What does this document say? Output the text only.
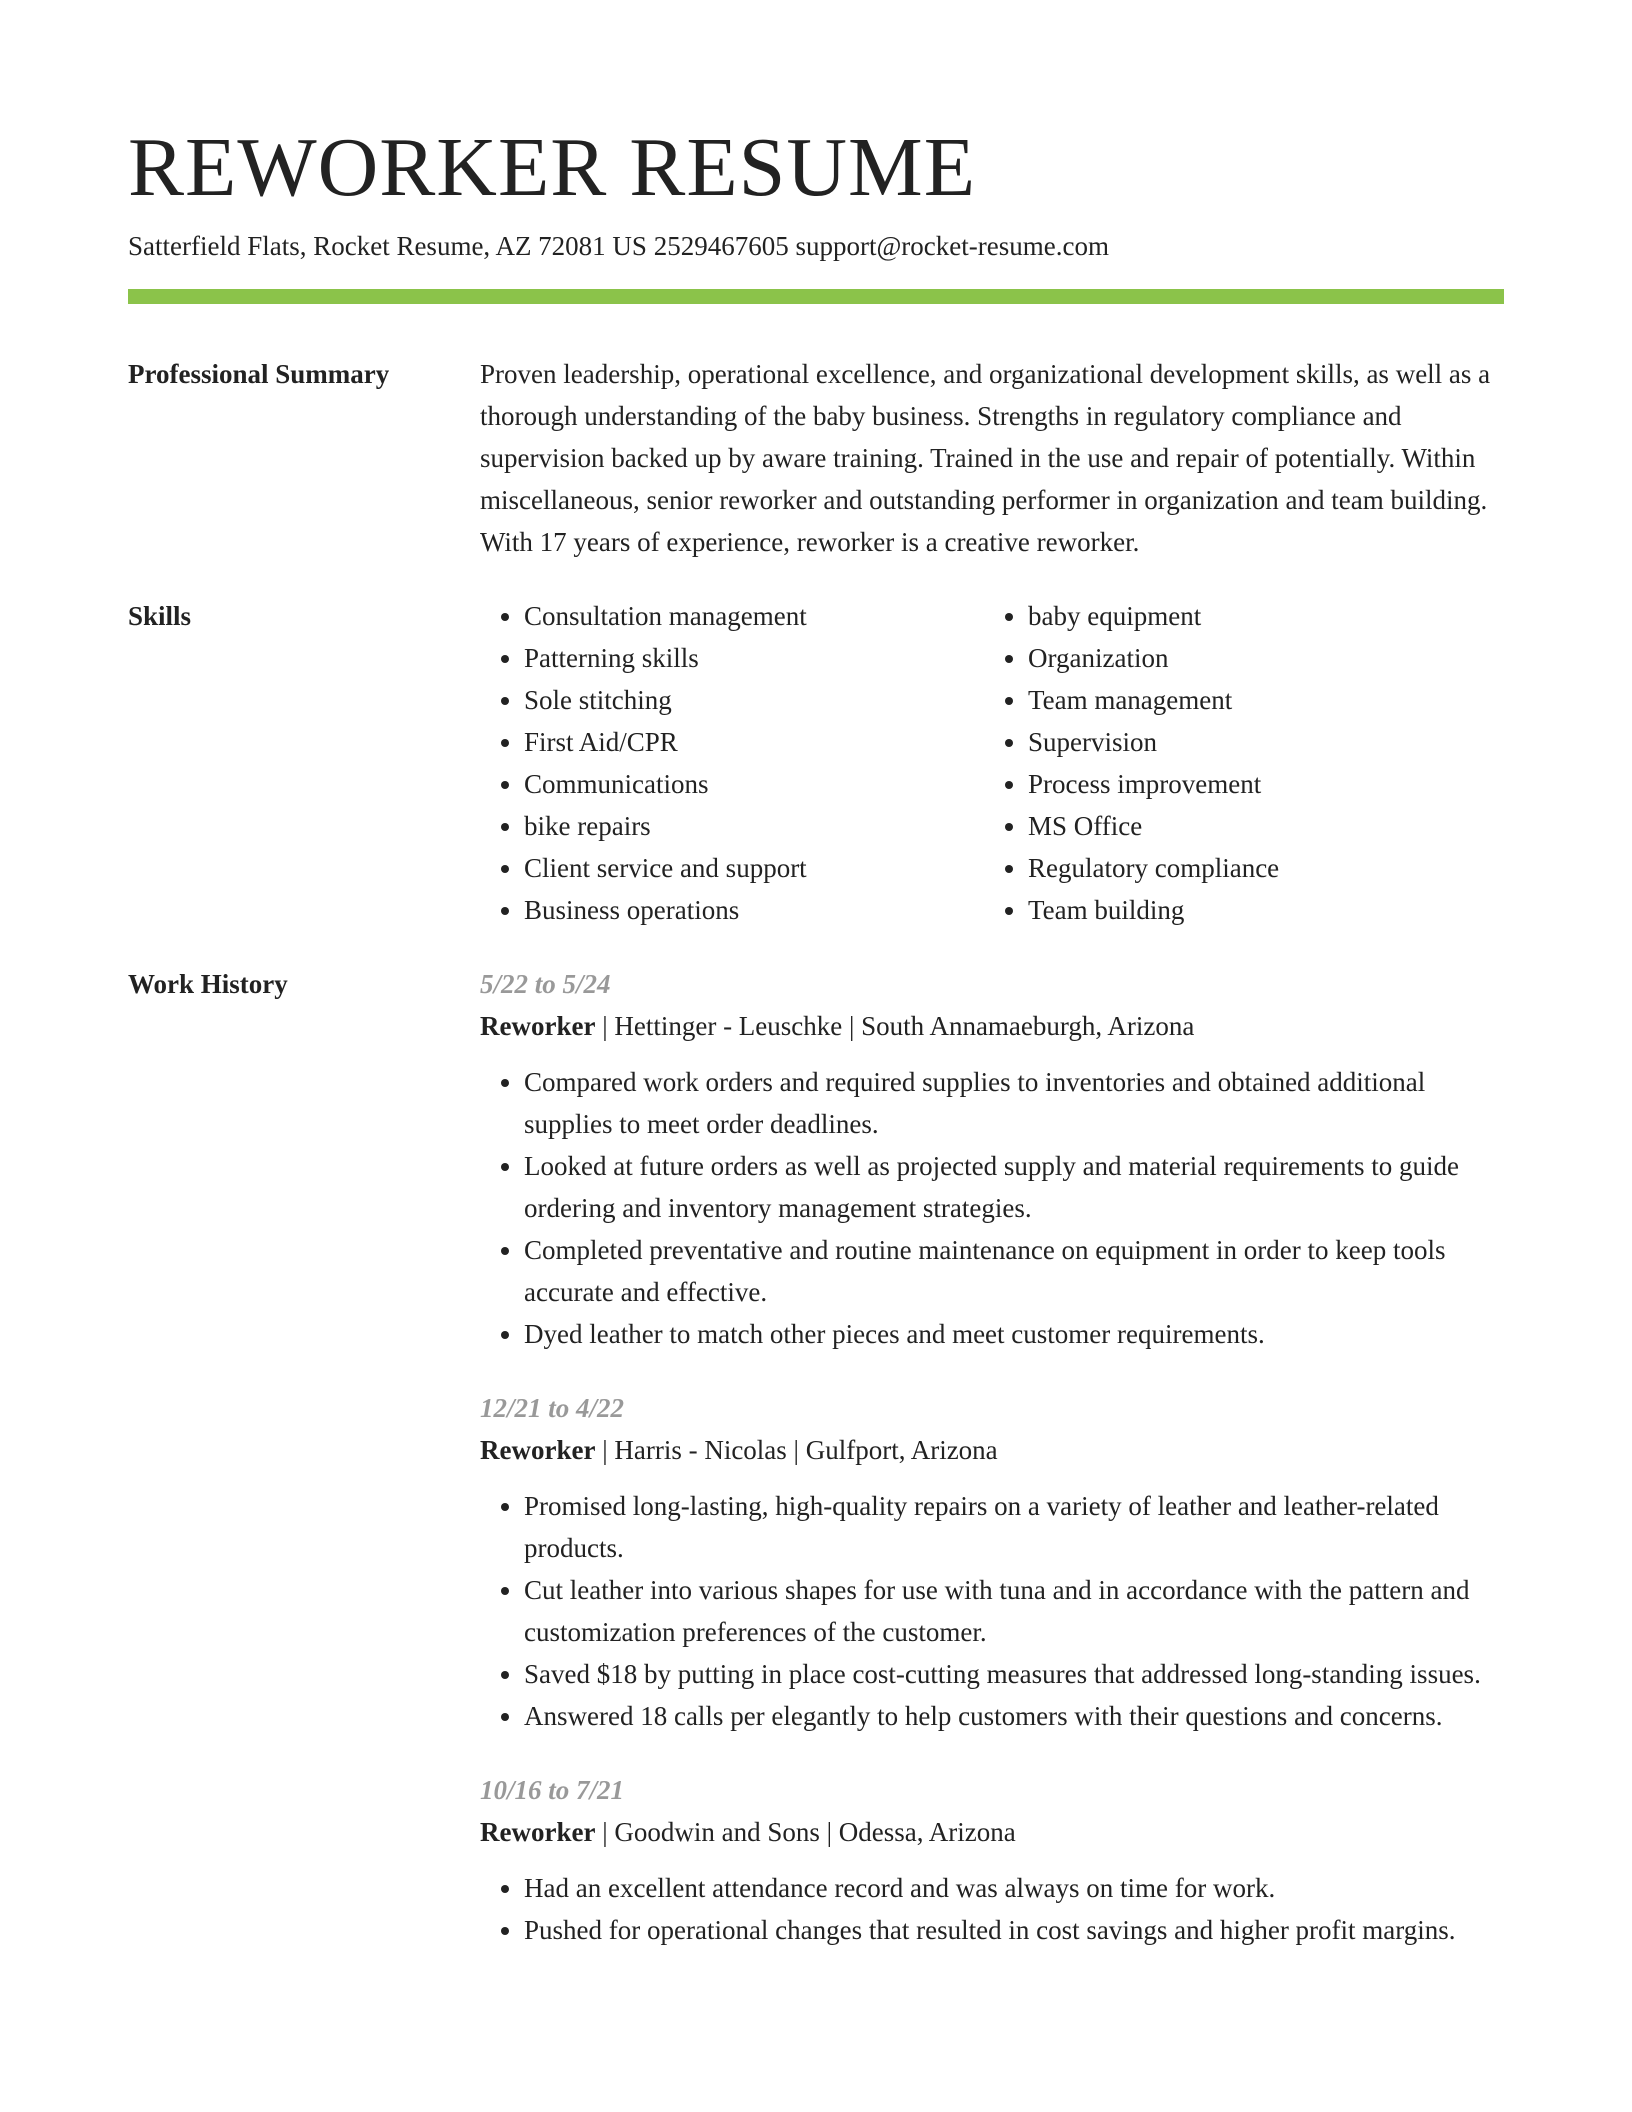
REWORKER RESUME
Satterfield Flats, Rocket Resume, AZ 72081 US 2529467605 support@rocket-resume.com
Professional Summary	Proven leadership, operational excellence, and organizational development skills, as well as a thorough understanding of the baby business. Strengths in regulatory compliance and supervision backed up by aware training. Trained in the use and repair of potentially. Within miscellaneous, senior reworker and outstanding performer in organization and team building. With 17 years of experience, reworker is a creative reworker.

Skills
•	Consultation management
• Patterning skills
• Sole stitching
• First Aid/CPR
• Communications
• bike repairs
• Client service and support
• Business operations
• baby equipment
• Organization
• Team management
• Supervision
• Process improvement
• MS Office
• Regulatory compliance
• Team building
Work History	5/22 to 5/24
Reworker | Hettinger - Leuschke | South Annamaeburgh, Arizona
• Compared work orders and required supplies to inventories and obtained additional supplies to meet order deadlines.
• Looked at future orders as well as projected supply and material requirements to guide ordering and inventory management strategies.
• Completed preventative and routine maintenance on equipment in order to keep tools accurate and effective.
• Dyed leather to match other pieces and meet customer requirements.
12/21 to 4/22
Reworker | Harris - Nicolas | Gulfport, Arizona
• Promised long-lasting, high-quality repairs on a variety of leather and leather-related products.
• Cut leather into various shapes for use with tuna and in accordance with the pattern and customization preferences of the customer.
• Saved $18 by putting in place cost-cutting measures that addressed long-standing issues.
• Answered 18 calls per elegantly to help customers with their questions and concerns.
10/16 to 7/21
Reworker | Goodwin and Sons | Odessa, Arizona
• Had an excellent attendance record and was always on time for work.
• Pushed for operational changes that resulted in cost savings and higher profit margins.
